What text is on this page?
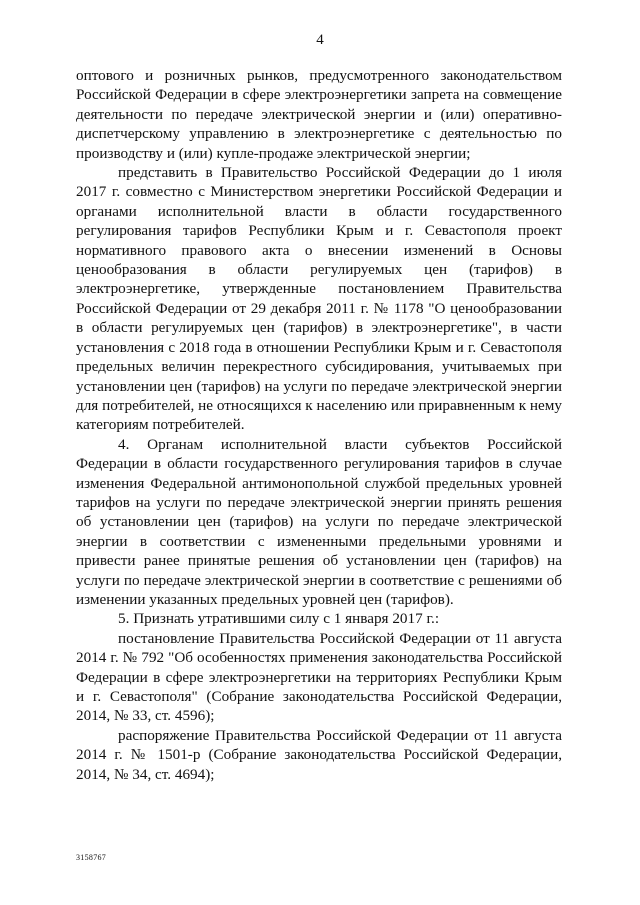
4

оптового и розничных рынков, предусмотренного законодательством Российской Федерации в сфере электроэнергетики запрета на совмещение деятельности по передаче электрической энергии и (или) оперативно-диспетчерскому управлению в электроэнергетике с деятельностью по производству и (или) купле-продаже электрической энергии;

представить в Правительство Российской Федерации до 1 июля 2017 г. совместно с Министерством энергетики Российской Федерации и органами исполнительной власти в области государственного регулирования тарифов Республики Крым и г. Севастополя проект нормативного правового акта о внесении изменений в Основы ценообразования в области регулируемых цен (тарифов) в электроэнергетике, утвержденные постановлением Правительства Российской Федерации от 29 декабря 2011 г. № 1178 "О ценообразовании в области регулируемых цен (тарифов) в электроэнергетике", в части установления с 2018 года в отношении Республики Крым и г. Севастополя предельных величин перекрестного субсидирования, учитываемых при установлении цен (тарифов) на услуги по передаче электрической энергии для потребителей, не относящихся к населению или приравненным к нему категориям потребителей.

4. Органам исполнительной власти субъектов Российской Федерации в области государственного регулирования тарифов в случае изменения Федеральной антимонопольной службой предельных уровней тарифов на услуги по передаче электрической энергии принять решения об установлении цен (тарифов) на услуги по передаче электрической энергии в соответствии с измененными предельными уровнями и привести ранее принятые решения об установлении цен (тарифов) на услуги по передаче электрической энергии в соответствие с решениями об изменении указанных предельных уровней цен (тарифов).

5. Признать утратившими силу с 1 января 2017 г.:

постановление Правительства Российской Федерации от 11 августа 2014 г. № 792 "Об особенностях применения законодательства Российской Федерации в сфере электроэнергетики на территориях Республики Крым и г. Севастополя" (Собрание законодательства Российской Федерации, 2014, № 33, ст. 4596);

распоряжение Правительства Российской Федерации от 11 августа 2014 г. № 1501-р (Собрание законодательства Российской Федерации, 2014, № 34, ст. 4694);

3158767
